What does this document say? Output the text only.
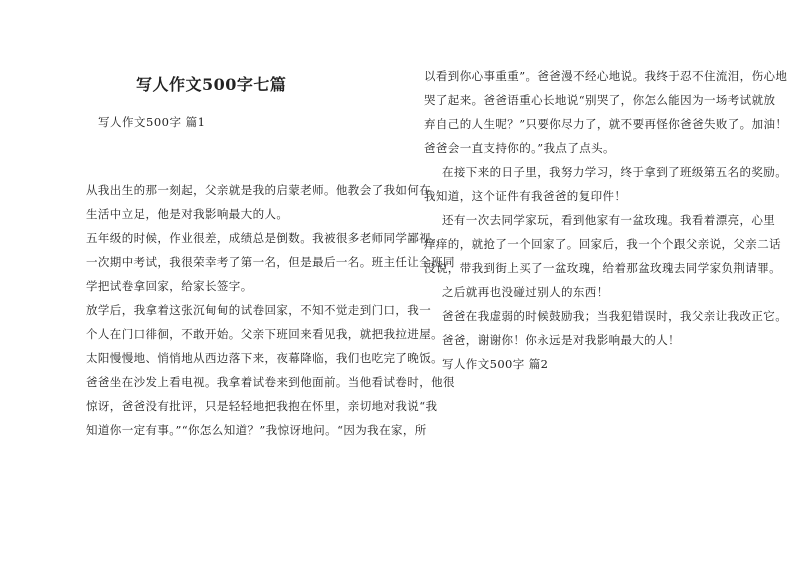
写人作文500字七篇
写人作文500字 篇1

从我出生的那一刻起，父亲就是我的启蒙老师。他教会了我如何在

生活中立足，他是对我影响最大的人。

五年级的时候，作业很差，成绩总是倒数。我被很多老师同学鄙视。

一次期中考试，我很荣幸考了第一名，但是最后一名。班主任让全班同

学把试卷拿回家，给家长签字。

放学后，我拿着这张沉甸甸的试卷回家，不知不觉走到门口，我一

个人在门口徘徊，不敢开始。父亲下班回来看见我，就把我拉进屋。

太阳慢慢地、悄悄地从西边落下来，夜幕降临，我们也吃完了晚饭。

爸爸坐在沙发上看电视。我拿着试卷来到他面前。当他看试卷时，他很

惊讶，爸爸没有批评，只是轻轻地把我抱在怀里，亲切地对我说“我

知道你一定有事。”“你怎么知道？”我惊讶地问。“因为我在家，所

以看到你心事重重”。爸爸漫不经心地说。我终于忍不住流泪，伤心地

哭了起来。爸爸语重心长地说“别哭了，你怎么能因为一场考试就放

弃自己的人生呢？”只要你尽力了，就不要再怪你爸爸失败了。加油！

爸爸会一直支持你的。”我点了点头。

在接下来的日子里，我努力学习，终于拿到了班级第五名的奖励。

我知道，这个证件有我爸爸的复印件！

还有一次去同学家玩，看到他家有一盆玫瑰。我看着漂亮，心里

痒痒的，就抢了一个回家了。回家后，我一个个跟父亲说，父亲二话

没说，带我到街上买了一盆玫瑰，给着那盆玫瑰去同学家负荆请罪。

之后就再也没碰过别人的东西！

爸爸在我虚弱的时候鼓励我；当我犯错误时，我父亲让我改正它。

爸爸，谢谢你！你永远是对我影响最大的人！

写人作文500字 篇2
